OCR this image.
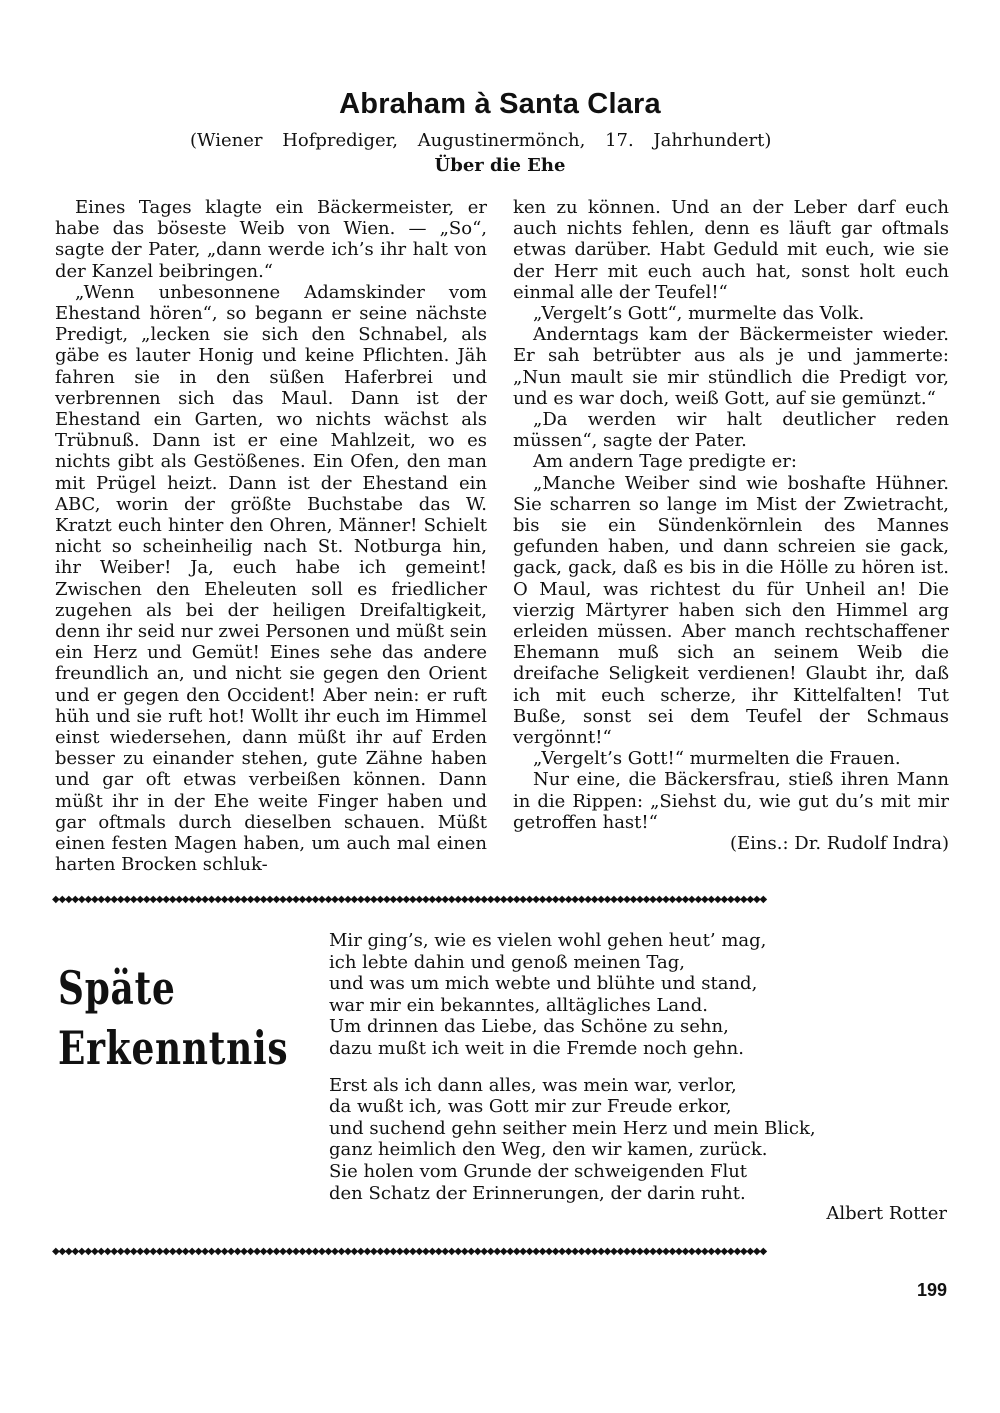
Abraham à Santa Clara
(Wiener Hofprediger, Augustinermönch, 17. Jahrhundert)
Über die Ehe

Eines Tages klagte ein Bäckermeister, er habe das böseste Weib von Wien. — „So“, sagte der Pater, „dann werde ich’s ihr halt von der Kanzel beibringen.“

„Wenn unbesonnene Adamskinder vom Ehestand hören“, so begann er seine nächste Predigt, „lecken sie sich den Schnabel, als gäbe es lauter Honig und keine Pflichten. Jäh fahren sie in den süßen Haferbrei und verbrennen sich das Maul. Dann ist der Ehestand ein Garten, wo nichts wächst als Trübnuß. Dann ist er eine Mahlzeit, wo es nichts gibt als Gestößenes. Ein Ofen, den man mit Prügel heizt. Dann ist der Ehestand ein ABC, worin der größte Buchstabe das W. Kratzt euch hinter den Ohren, Männer! Schielt nicht so scheinheilig nach St. Notburga hin, ihr Weiber! Ja, euch habe ich gemeint! Zwischen den Eheleuten soll es friedlicher zugehen als bei der heiligen Dreifaltigkeit, denn ihr seid nur zwei Personen und müßt sein ein Herz und Gemüt! Eines sehe das andere freundlich an, und nicht sie gegen den Orient und er gegen den Occident! Aber nein: er ruft hüh und sie ruft hot! Wollt ihr euch im Himmel einst wiedersehen, dann müßt ihr auf Erden besser zu einander stehen, gute Zähne haben und gar oft etwas verbeißen können. Dann müßt ihr in der Ehe weite Finger haben und gar oftmals durch dieselben schauen. Müßt einen festen Magen haben, um auch mal einen harten Brocken schluk-

ken zu können. Und an der Leber darf euch auch nichts fehlen, denn es läuft gar oftmals etwas darüber. Habt Geduld mit euch, wie sie der Herr mit euch auch hat, sonst holt euch einmal alle der Teufel!“

„Vergelt’s Gott“, murmelte das Volk.

Anderntags kam der Bäckermeister wieder. Er sah betrübter aus als je und jammerte: „Nun mault sie mir stündlich die Predigt vor, und es war doch, weiß Gott, auf sie gemünzt.“

„Da werden wir halt deutlicher reden müssen“, sagte der Pater.

Am andern Tage predigte er:

„Manche Weiber sind wie boshafte Hühner. Sie scharren so lange im Mist der Zwietracht, bis sie ein Sündenkörnlein des Mannes gefunden haben, und dann schreien sie gack, gack, gack, daß es bis in die Hölle zu hören ist. O Maul, was richtest du für Unheil an! Die vierzig Märtyrer haben sich den Himmel arg erleiden müssen. Aber manch rechtschaffener Ehemann muß sich an seinem Weib die dreifache Seligkeit verdienen! Glaubt ihr, daß ich mit euch scherze, ihr Kittelfalten! Tut Buße, sonst sei dem Teufel der Schmaus vergönnt!“

„Vergelt’s Gott!“ murmelten die Frauen.

Nur eine, die Bäckersfrau, stieß ihren Mann in die Rippen: „Siehst du, wie gut du’s mit mir getroffen hast!“

(Eins.: Dr. Rudolf Indra)

◆◆◆◆◆◆◆◆◆◆◆◆◆◆◆◆◆◆◆◆◆◆◆◆◆◆◆◆◆◆◆◆◆◆◆◆◆◆◆◆◆◆◆◆◆◆◆◆◆◆◆◆◆◆◆◆◆◆◆◆◆◆◆◆◆◆◆◆◆◆◆◆◆◆◆◆◆◆◆◆◆◆◆◆◆◆◆◆◆◆◆◆◆◆◆◆◆◆◆◆◆◆◆◆◆◆◆◆◆◆
Späte
Erkenntnis
Mir ging’s, wie es vielen wohl gehen heut’ mag,
ich lebte dahin und genoß meinen Tag,
und was um mich webte und blühte und stand,
war mir ein bekanntes, alltägliches Land.
Um drinnen das Liebe, das Schöne zu sehn,
dazu mußt ich weit in die Fremde noch gehn.
Erst als ich dann alles, was mein war, verlor,
da wußt ich, was Gott mir zur Freude erkor,
und suchend gehn seither mein Herz und mein Blick,
ganz heimlich den Weg, den wir kamen, zurück.
Sie holen vom Grunde der schweigenden Flut
den Schatz der Erinnerungen, der darin ruht.
Albert Rotter
◆◆◆◆◆◆◆◆◆◆◆◆◆◆◆◆◆◆◆◆◆◆◆◆◆◆◆◆◆◆◆◆◆◆◆◆◆◆◆◆◆◆◆◆◆◆◆◆◆◆◆◆◆◆◆◆◆◆◆◆◆◆◆◆◆◆◆◆◆◆◆◆◆◆◆◆◆◆◆◆◆◆◆◆◆◆◆◆◆◆◆◆◆◆◆◆◆◆◆◆◆◆◆◆◆◆◆◆◆◆
199
